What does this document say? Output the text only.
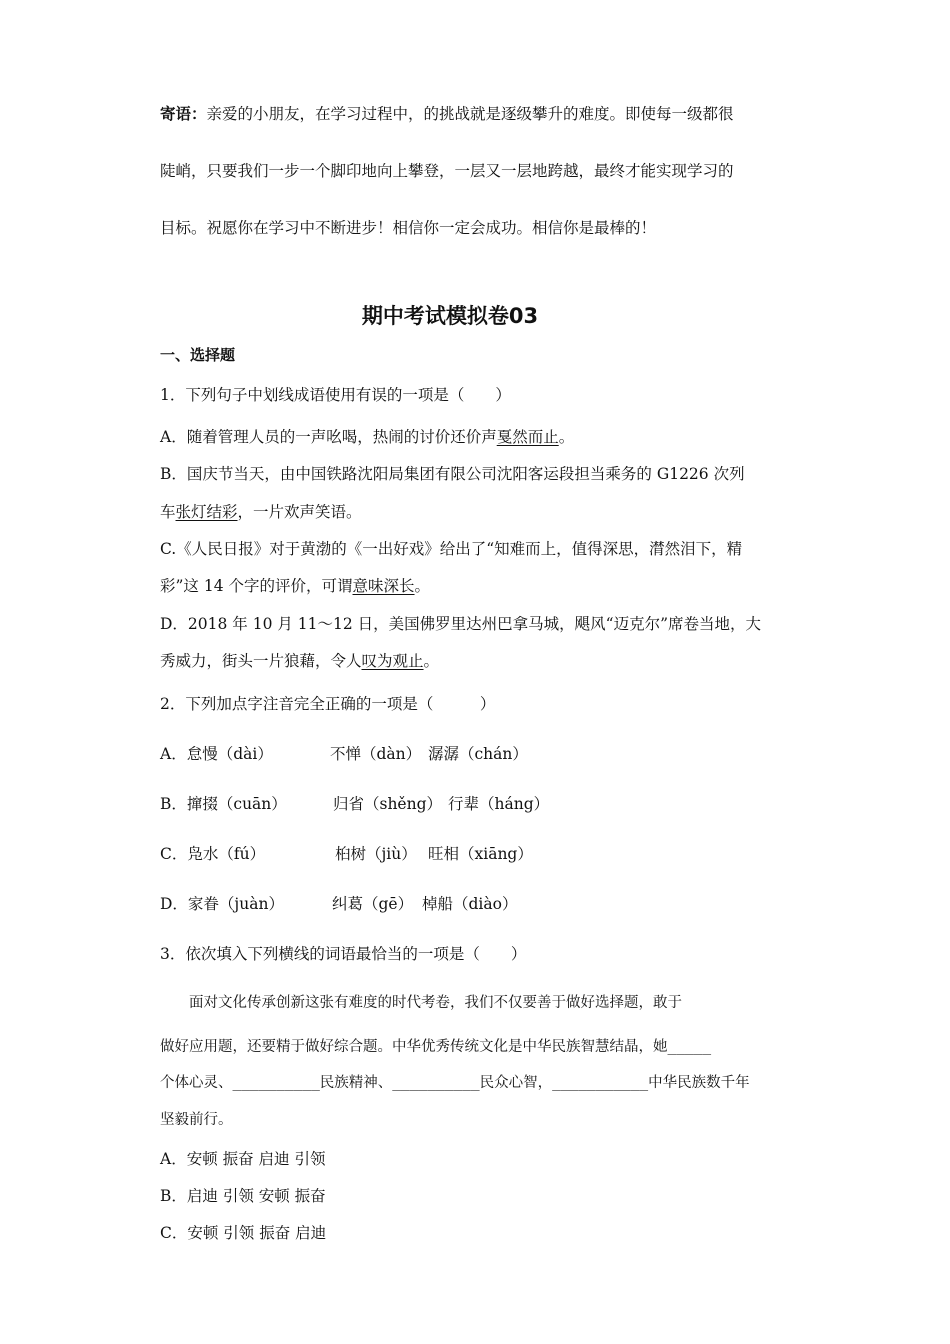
寄语：亲爱的小朋友，在学习过程中，的挑战就是逐级攀升的难度。即使每一级都很
陡峭，只要我们一步一个脚印地向上攀登，一层又一层地跨越，最终才能实现学习的
目标。祝愿你在学习中不断进步！相信你一定会成功。相信你是最棒的！
期中考试模拟卷03
一、选择题
1．下列句子中划线成语使用有误的一项是（　　）
A．随着管理人员的一声吆喝，热闹的讨价还价声戛然而止。
B．国庆节当天，由中国铁路沈阳局集团有限公司沈阳客运段担当乘务的 G1226 次列
车张灯结彩，一片欢声笑语。
C.《人民日报》对于黄渤的《一出好戏》给出了“知难而上，值得深思，潸然泪下，精
彩”这 14 个字的评价，可谓意味深长。
D．2018 年 10 月 11～12 日，美国佛罗里达州巴拿马城，飓风“迈克尔”席卷当地，大
秀威力，街头一片狼藉，令人叹为观止。
2．下列加点字注音完全正确的一项是（　　　）
A．怠慢（dài）	不惮（dàn） 潺潺（chán）
B．撺掇（cuān）	归省（shěng） 行辈（háng）
C．凫水（fú）	桕树（jiù） 旺相（xiāng）
D．家眷（juàn）	纠葛（gē） 棹船（diào）
3．依次填入下列横线的词语最恰当的一项是（　　）
　　面对文化传承创新这张有难度的时代考卷，我们不仅要善于做好选择题，敢于
做好应用题，还要精于做好综合题。中华优秀传统文化是中华民族智慧结晶，她_____
个体心灵、__________民族精神、__________民众心智，___________中华民族数千年
坚毅前行。
A．安顿 振奋 启迪 引领
B．启迪 引领 安顿 振奋
C．安顿 引领 振奋 启迪
